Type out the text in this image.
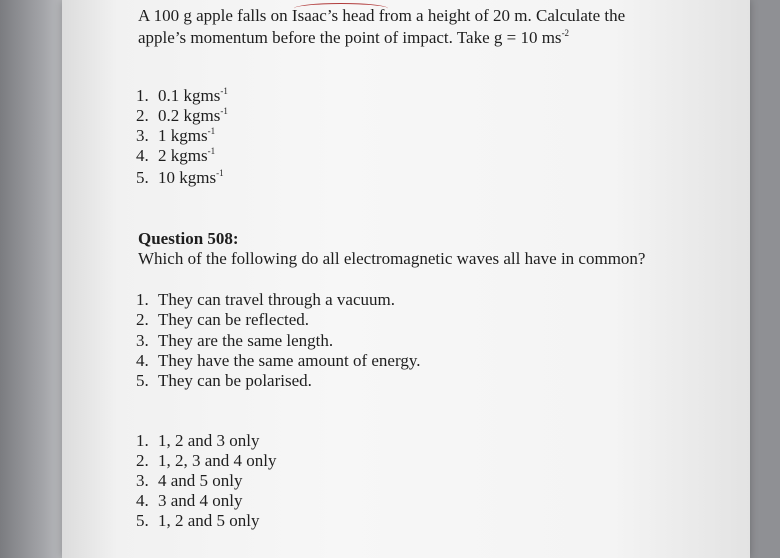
A 100 g apple falls on Isaac’s head from a height of 20 m. Calculate the
apple’s momentum before the point of impact. Take g = 10 $ms^{-2}$
1. 0.1 kgms$^{-1}$
2. 0.2 kgms$^{-1}$
3. 1 kgms$^{-1}$
4. 2 kgms$^{-1}$
5. 10 kgms$^{-1}$
Question 508:
Which of the following do all electromagnetic waves all have in common?
1. They can travel through a vacuum.
2. They can be reflected.
3. They are the same length.
4. They have the same amount of energy.
5. They can be polarised.
1. 1, 2 and 3 only
2. 1, 2, 3 and 4 only
3. 4 and 5 only
4. 3 and 4 only
5. 1, 2 and 5 only
